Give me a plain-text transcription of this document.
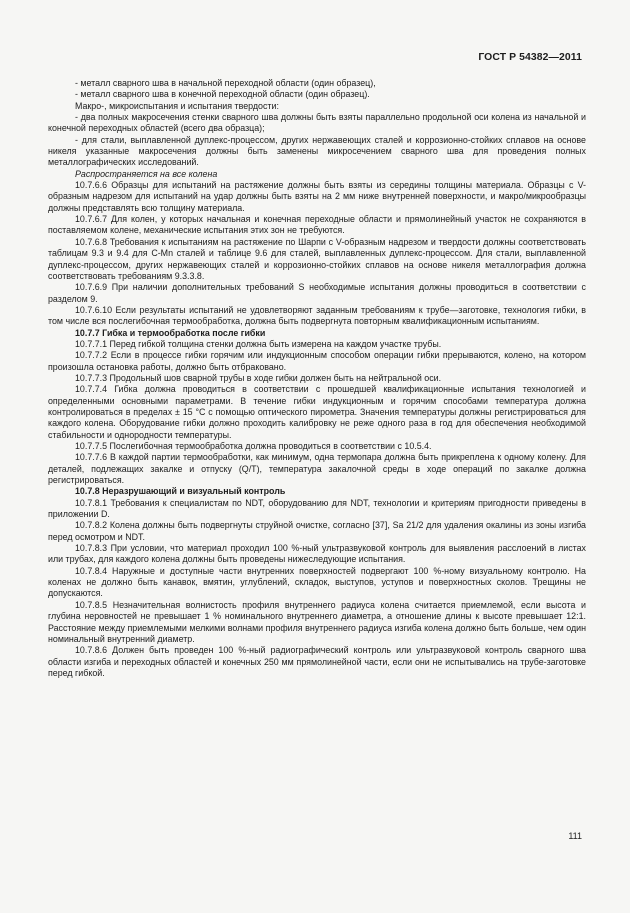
ГОСТ Р 54382—2011

- металл сварного шва в начальной переходной области (один образец),

- металл сварного шва в конечной переходной области (один образец).

Макро-, микроиспытания и испытания твердости:

- два полных макросечения стенки сварного шва должны быть взяты параллельно продольной оси колена из начальной и конечной переходных областей (всего два образца);

- для стали, выплавленной дуплекс-процессом, других нержавеющих сталей и коррозионно-стойких сплавов на основе никеля указанные макросечения должны быть заменены микросечением сварного шва для проведения полных металлографических исследований.

Распространяется на все колена

10.7.6.6 Образцы для испытаний на растяжение должны быть взяты из середины толщины материала. Образцы с V-образным надрезом для испытаний на удар должны быть взяты на 2 мм ниже внутренней поверхности, и макро/микрообразцы должны представлять всю толщину материала.

10.7.6.7 Для колен, у которых начальная и конечная переходные области и прямолинейный участок не сохраняются в поставляемом колене, механические испытания этих зон не требуются.

10.7.6.8 Требования к испытаниям на растяжение по Шарпи с V-образным надрезом и твердости должны соответствовать таблицам 9.3 и 9.4 для С-Mn сталей и таблице 9.6 для сталей, выплавленных дуплекс-процессом. Для стали, выплавленной дуплекс-процессом, других нержавеющих сталей и коррозионно-стойких сплавов на основе никеля металлография должна соответствовать требованиям 9.3.3.8.

10.7.6.9 При наличии дополнительных требований S необходимые испытания должны проводиться в соответствии с разделом 9.

10.7.6.10 Если результаты испытаний не удовлетворяют заданным требованиям к трубе—заготовке, технология гибки, в том числе вся послегибочная термообработка, должна быть подвергнута повторным квалификационным испытаниям.

10.7.7 Гибка и термообработка после гибки

10.7.7.1 Перед гибкой толщина стенки должна быть измерена на каждом участке трубы.

10.7.7.2 Если в процессе гибки горячим или индукционным способом операции гибки прерываются, колено, на котором произошла остановка работы, должно быть отбраковано.

10.7.7.3 Продольный шов сварной трубы в ходе гибки должен быть на нейтральной оси.

10.7.7.4 Гибка должна проводиться в соответствии с прошедшей квалификационные испытания технологией и определенными основными параметрами. В течение гибки индукционным и горячим способами температура должна контролироваться в пределах ± 15 °С с помощью оптического пирометра. Значения температуры должны регистрироваться для каждого колена. Оборудование гибки должно проходить калибровку не реже одного раза в год для обеспечения необходимой стабильности и однородности температуры.

10.7.7.5 Послегибочная термообработка должна проводиться в соответствии с 10.5.4.

10.7.7.6 В каждой партии термообработки, как минимум, одна термопара должна быть прикреплена к одному колену. Для деталей, подлежащих закалке и отпуску (Q/T), температура закалочной среды в ходе операций по закалке должна регистрироваться.

10.7.8 Неразрушающий и визуальный контроль

10.7.8.1 Требования к специалистам по NDT, оборудованию для NDT, технологии и критериям пригодности приведены в приложении D.

10.7.8.2 Колена должны быть подвергнуты струйной очистке, согласно [37], Sa 21/2 для удаления окалины из зоны изгиба перед осмотром и NDT.

10.7.8.3 При условии, что материал проходил 100 %-ный ультразвуковой контроль для выявления расслоений в листах или трубах, для каждого колена должны быть проведены нижеследующие испытания.

10.7.8.4 Наружные и доступные части внутренних поверхностей подвергают 100 %-ному визуальному контролю. На коленах не должно быть канавок, вмятин, углублений, складок, выступов, уступов и поверхностных сколов. Трещины не допускаются.

10.7.8.5 Незначительная волнистость профиля внутреннего радиуса колена считается приемлемой, если высота и глубина неровностей не превышает 1 % номинального внутреннего диаметра, а отношение длины к высоте превышает 12:1. Расстояние между приемлемыми мелкими волнами профиля внутреннего радиуса изгиба колена должно быть больше, чем один номинальный внутренний диаметр.

10.7.8.6 Должен быть проведен 100 %-ный радиографический контроль или ультразвуковой контроль сварного шва области изгиба и переходных областей и конечных 250 мм прямолинейной части, если они не испытывались на трубе-заготовке перед гибкой.

111
